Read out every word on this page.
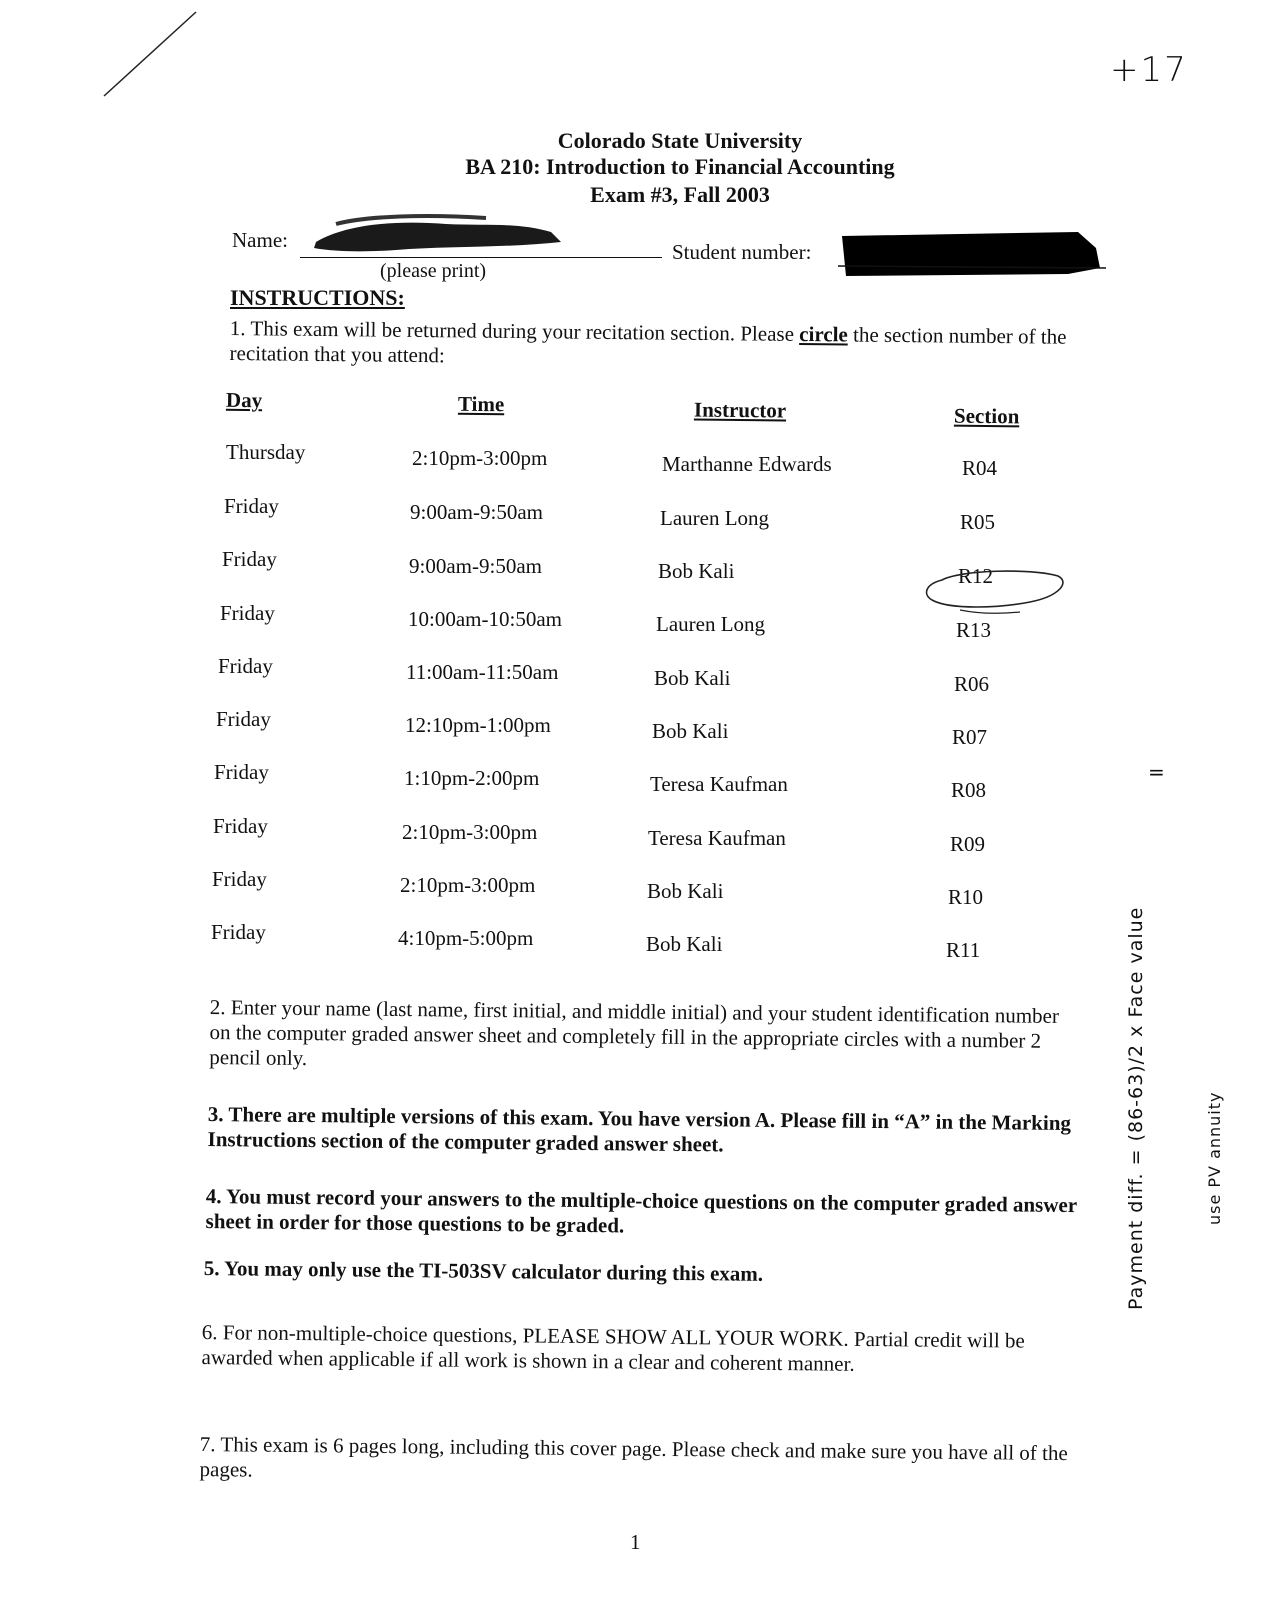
+17
Colorado State University
BA 210: Introduction to Financial Accounting
Exam #3, Fall 2003
Name:
(please print)
Student number:
INSTRUCTIONS:
1. This exam will be returned during your recitation section. Please circle the section number of the recitation that you attend:
Day	Time	Instructor	Section
Thursday	2:10pm-3:00pm	Marthanne Edwards	R04
Friday	9:00am-9:50am	Lauren Long	R05
Friday	9:00am-9:50am	Bob Kali	R12
Friday	10:00am-10:50am	Lauren Long	R13
Friday	11:00am-11:50am	Bob Kali	R06
Friday	12:10pm-1:00pm	Bob Kali	R07
Friday	1:10pm-2:00pm	Teresa Kaufman	R08
Friday	2:10pm-3:00pm	Teresa Kaufman	R09
Friday	2:10pm-3:00pm	Bob Kali	R10
Friday	4:10pm-5:00pm	Bob Kali	R11
2. Enter your name (last name, first initial, and middle initial) and your student identification number on the computer graded answer sheet and completely fill in the appropriate circles with a number 2 pencil only.
3. There are multiple versions of this exam. You have version A. Please fill in “A” in the Marking Instructions section of the computer graded answer sheet.
4. You must record your answers to the multiple-choice questions on the computer graded answer sheet in order for those questions to be graded.
5. You may only use the TI-503SV calculator during this exam.
6. For non-multiple-choice questions, PLEASE SHOW ALL YOUR WORK. Partial credit will be awarded when applicable if all work is shown in a clear and coherent manner.
7. This exam is 6 pages long, including this cover page. Please check and make sure you have all of the pages.
1
=
Payment diff. = (86-63)/2 x Face value	use PV annuity
